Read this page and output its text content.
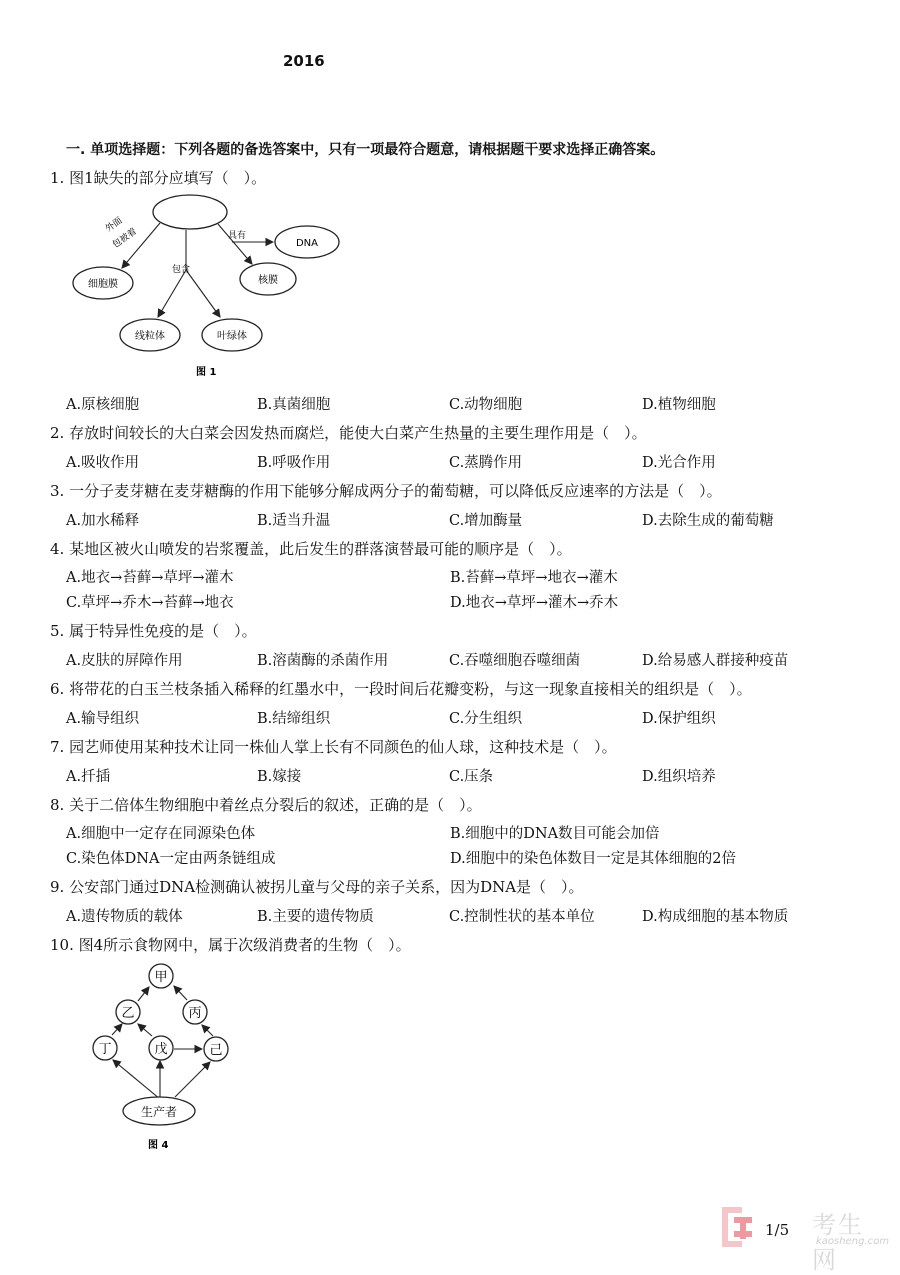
2016
一. 单项选择题：下列各题的备选答案中，只有一项最符合题意，请根据题干要求选择正确答案。
1. 图1缺失的部分应填写（　）。
细胞膜
DNA
核膜
线粒体	叶绿体
外面
包被着	具有
包含
图 1
A.原核细胞	B.真菌细胞	C.动物细胞	D.植物细胞
2. 存放时间较长的大白菜会因发热而腐烂，能使大白菜产生热量的主要生理作用是（　）。
A.吸收作用	B.呼吸作用	C.蒸腾作用	D.光合作用
3. 一分子麦芽糖在麦芽糖酶的作用下能够分解成两分子的葡萄糖，可以降低反应速率的方法是（　）。
A.加水稀释	B.适当升温	C.增加酶量	D.去除生成的葡萄糖
4. 某地区被火山喷发的岩浆覆盖，此后发生的群落演替最可能的顺序是（　）。
A.地衣→苔藓→草坪→灌木	B.苔藓→草坪→地衣→灌木
C.草坪→乔木→苔藓→地衣	D.地衣→草坪→灌木→乔木
5. 属于特异性免疫的是（　）。
A.皮肤的屏障作用	B.溶菌酶的杀菌作用	C.吞噬细胞吞噬细菌	D.给易感人群接种疫苗
6. 将带花的白玉兰枝条插入稀释的红墨水中，一段时间后花瓣变粉，与这一现象直接相关的组织是（　）。
A.输导组织	B.结缔组织	C.分生组织	D.保护组织
7. 园艺师使用某种技术让同一株仙人掌上长有不同颜色的仙人球，这种技术是（　）。
A.扦插	B.嫁接	C.压条	D.组织培养
8. 关于二倍体生物细胞中着丝点分裂后的叙述，正确的是（　）。
A.细胞中一定存在同源染色体	B.细胞中的DNA数目可能会加倍
C.染色体DNA一定由两条链组成	D.细胞中的染色体数目一定是其体细胞的2倍
9. 公安部门通过DNA检测确认被拐儿童与父母的亲子关系，因为DNA是（　）。
A.遗传物质的载体	B.主要的遗传物质	C.控制性状的基本单位	D.构成细胞的基本物质
10. 图4所示食物网中，属于次级消费者的生物（　）。
甲
乙	丙
丁	戊	己
生产者
图 4
考生网
kaosheng.com
1/5
